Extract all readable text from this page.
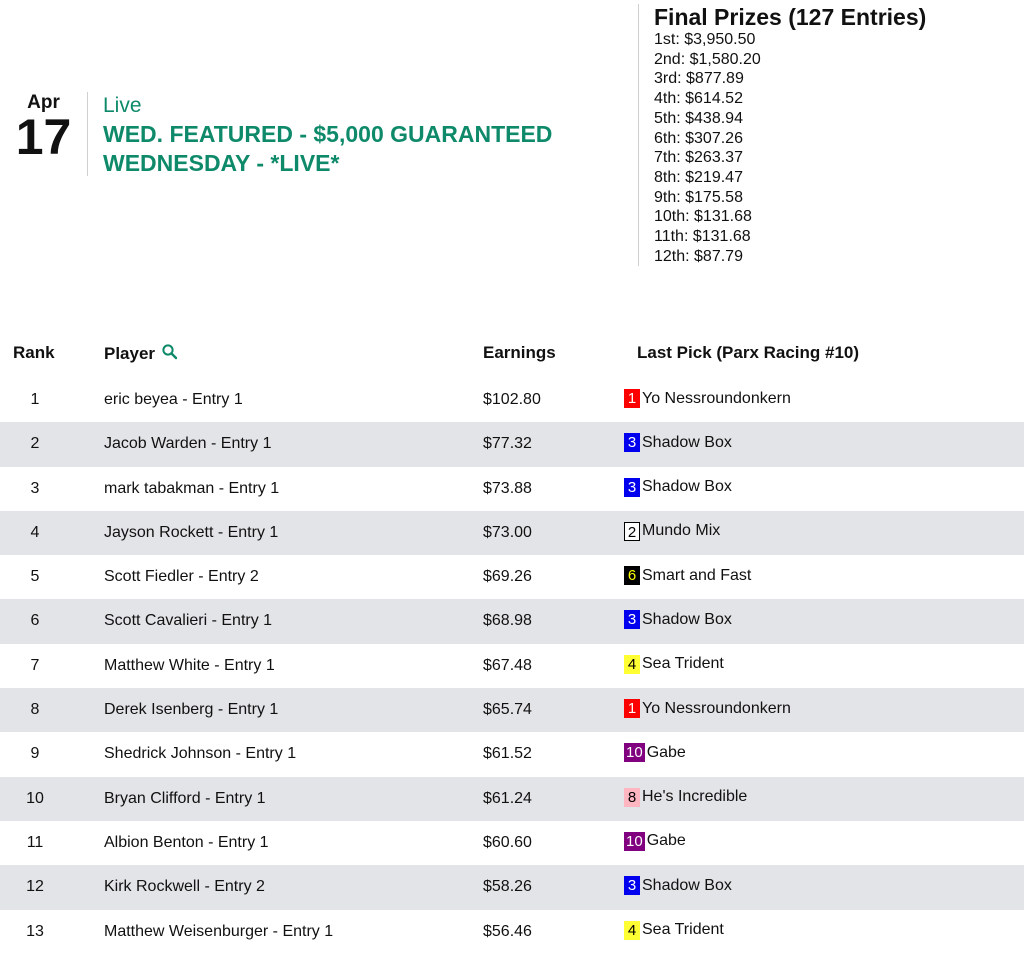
Apr
17
Live
WED. FEATURED - $5,000 GUARANTEED
WEDNESDAY - *LIVE*
Final Prizes (127 Entries)
1st: $3,950.50
2nd: $1,580.20
3rd: $877.89
4th: $614.52
5th: $438.94
6th: $307.26
7th: $263.37
8th: $219.47
9th: $175.58
10th: $131.68
11th: $131.68
12th: $87.79
Rank	Player	Earnings	Last Pick (Parx Racing #10)
1	eric beyea - Entry 1	$102.80	1 Yo Nessroundonkern
2	Jacob Warden - Entry 1	$77.32	3 Shadow Box
3	mark tabakman - Entry 1	$73.88	3 Shadow Box
4	Jayson Rockett - Entry 1	$73.00	2 Mundo Mix
5	Scott Fiedler - Entry 2	$69.26	6 Smart and Fast
6	Scott Cavalieri - Entry 1	$68.98	3 Shadow Box
7	Matthew White - Entry 1	$67.48	4 Sea Trident
8	Derek Isenberg - Entry 1	$65.74	1 Yo Nessroundonkern
9	Shedrick Johnson - Entry 1	$61.52	10 Gabe
10	Bryan Clifford - Entry 1	$61.24	8 He's Incredible
11	Albion Benton - Entry 1	$60.60	10 Gabe
12	Kirk Rockwell - Entry 2	$58.26	3 Shadow Box
13	Matthew Weisenburger - Entry 1	$56.46	4 Sea Trident
